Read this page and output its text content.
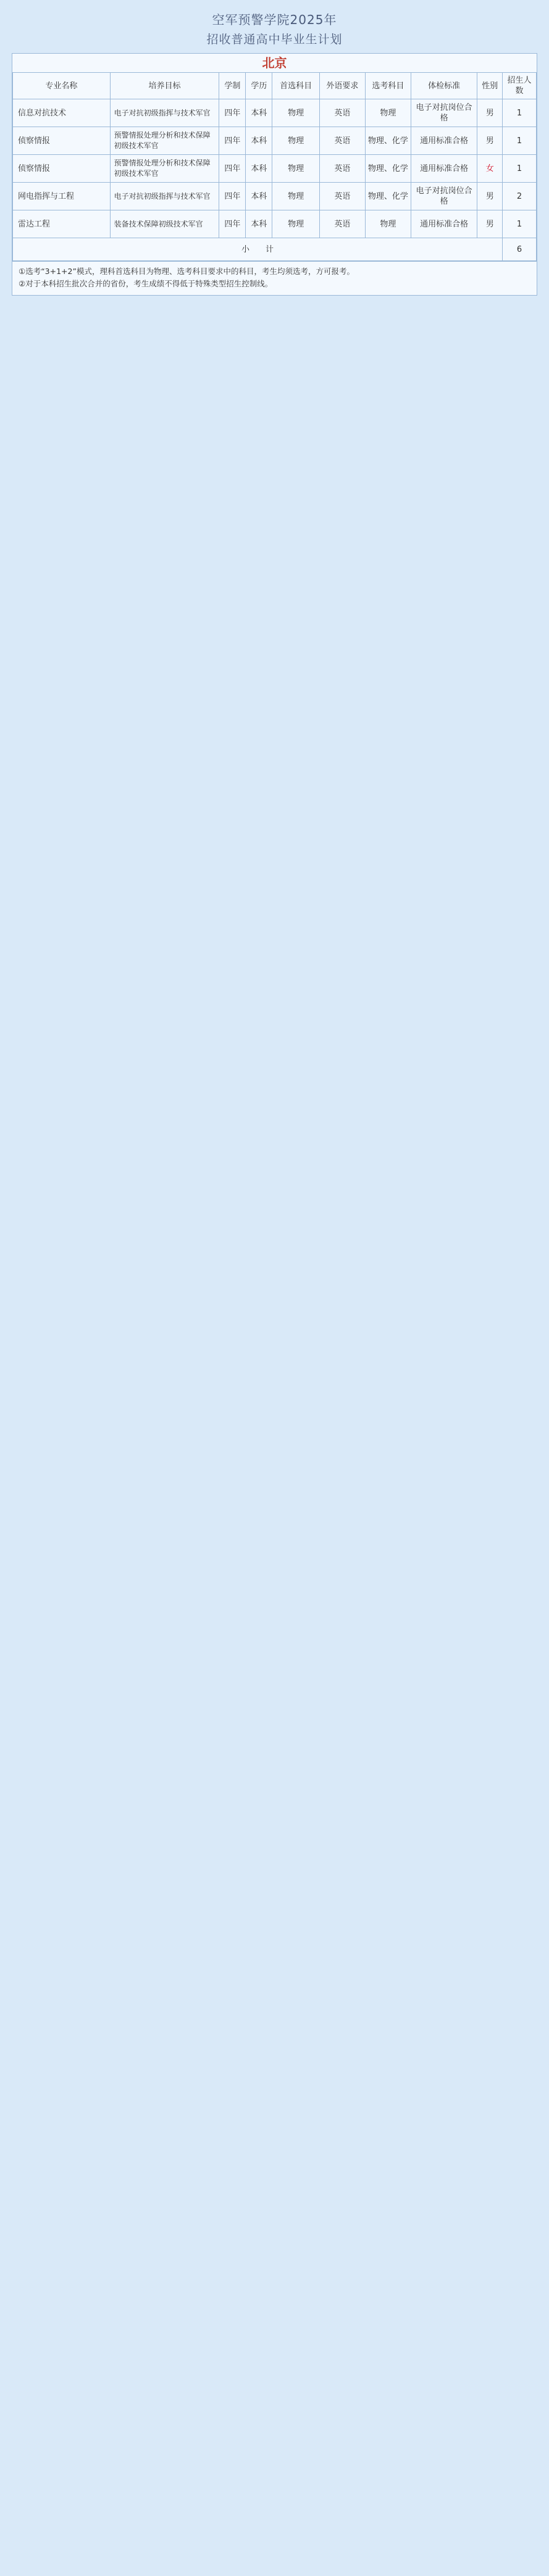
空军预警学院2025年
招收普通高中毕业生计划
北京
专业名称	培养目标	学制	学历	首选科目	外语要求	选考科目	体检标准	性别	招生人数
信息对抗技术	电子对抗初级指挥与技术军官	四年	本科	物理	英语	物理	电子对抗岗位合格	男	1
侦察情报	预警情报处理分析和技术保障初级技术军官	四年	本科	物理	英语	物理、化学	通用标准合格	男	1
侦察情报	预警情报处理分析和技术保障初级技术军官	四年	本科	物理	英语	物理、化学	通用标准合格	女	1
网电指挥与工程	电子对抗初级指挥与技术军官	四年	本科	物理	英语	物理、化学	电子对抗岗位合格	男	2
雷达工程	装备技术保障初级技术军官	四年	本科	物理	英语	物理	通用标准合格	男	1
小　　计									6
①选考“3+1+2”模式，理科首选科目为物理、选考科目要求中的科目，考生均须选考，方可报考。
②对于本科招生批次合并的省份，考生成绩不得低于特殊类型招生控制线。
